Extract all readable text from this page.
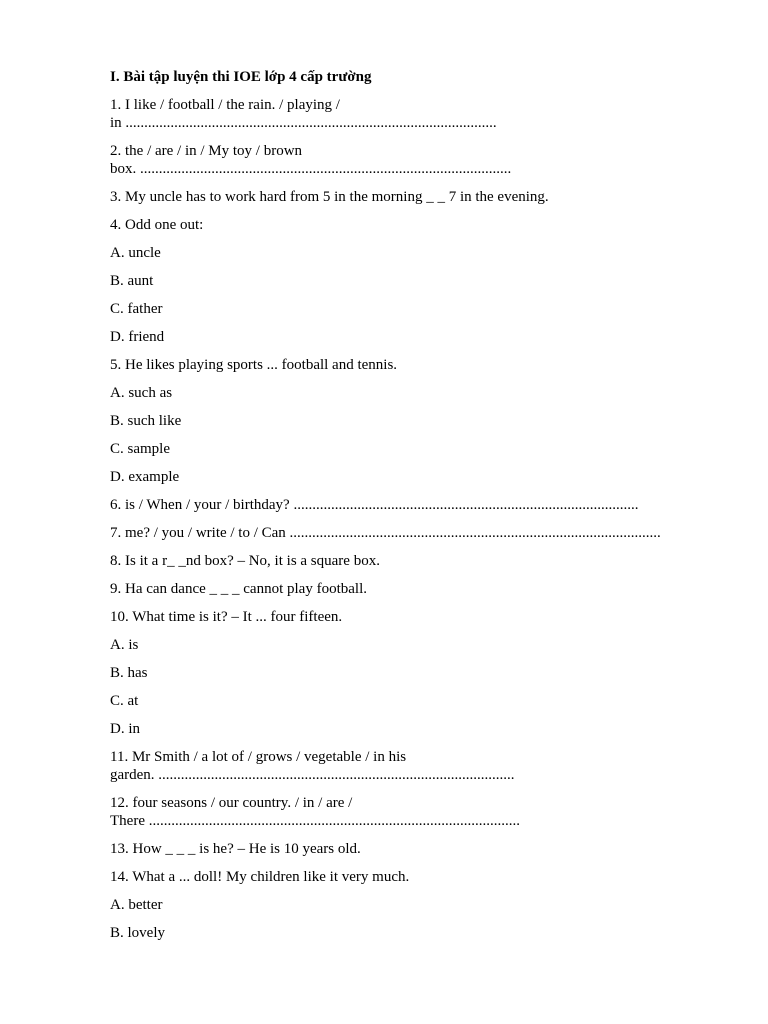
I. Bài tập luyện thi IOE lớp 4 cấp trường
1. I like / football / the rain. / playing /
in ...................................................................................................
2. the / are / in / My toy / brown
box. ...................................................................................................
3. My uncle has to work hard from 5 in the morning _ _ 7 in the evening.
4. Odd one out:
A. uncle
B. aunt
C. father
D. friend
5. He likes playing sports ... football and tennis.
A. such as
B. such like
C. sample
D. example
6. is / When / your / birthday? ............................................................................................
7. me? / you / write / to / Can ...................................................................................................
8. Is it a r_ _nd box? – No, it is a square box.
9. Ha can dance _ _ _ cannot play football.
10. What time is it? – It ... four fifteen.
A. is
B. has
C. at
D. in
11. Mr Smith / a lot of / grows / vegetable / in his
garden. ...............................................................................................
12. four seasons / our country. / in / are /
There ...................................................................................................
13. How _ _ _ is he? – He is 10 years old.
14. What a ... doll! My children like it very much.
A. better
B. lovely
